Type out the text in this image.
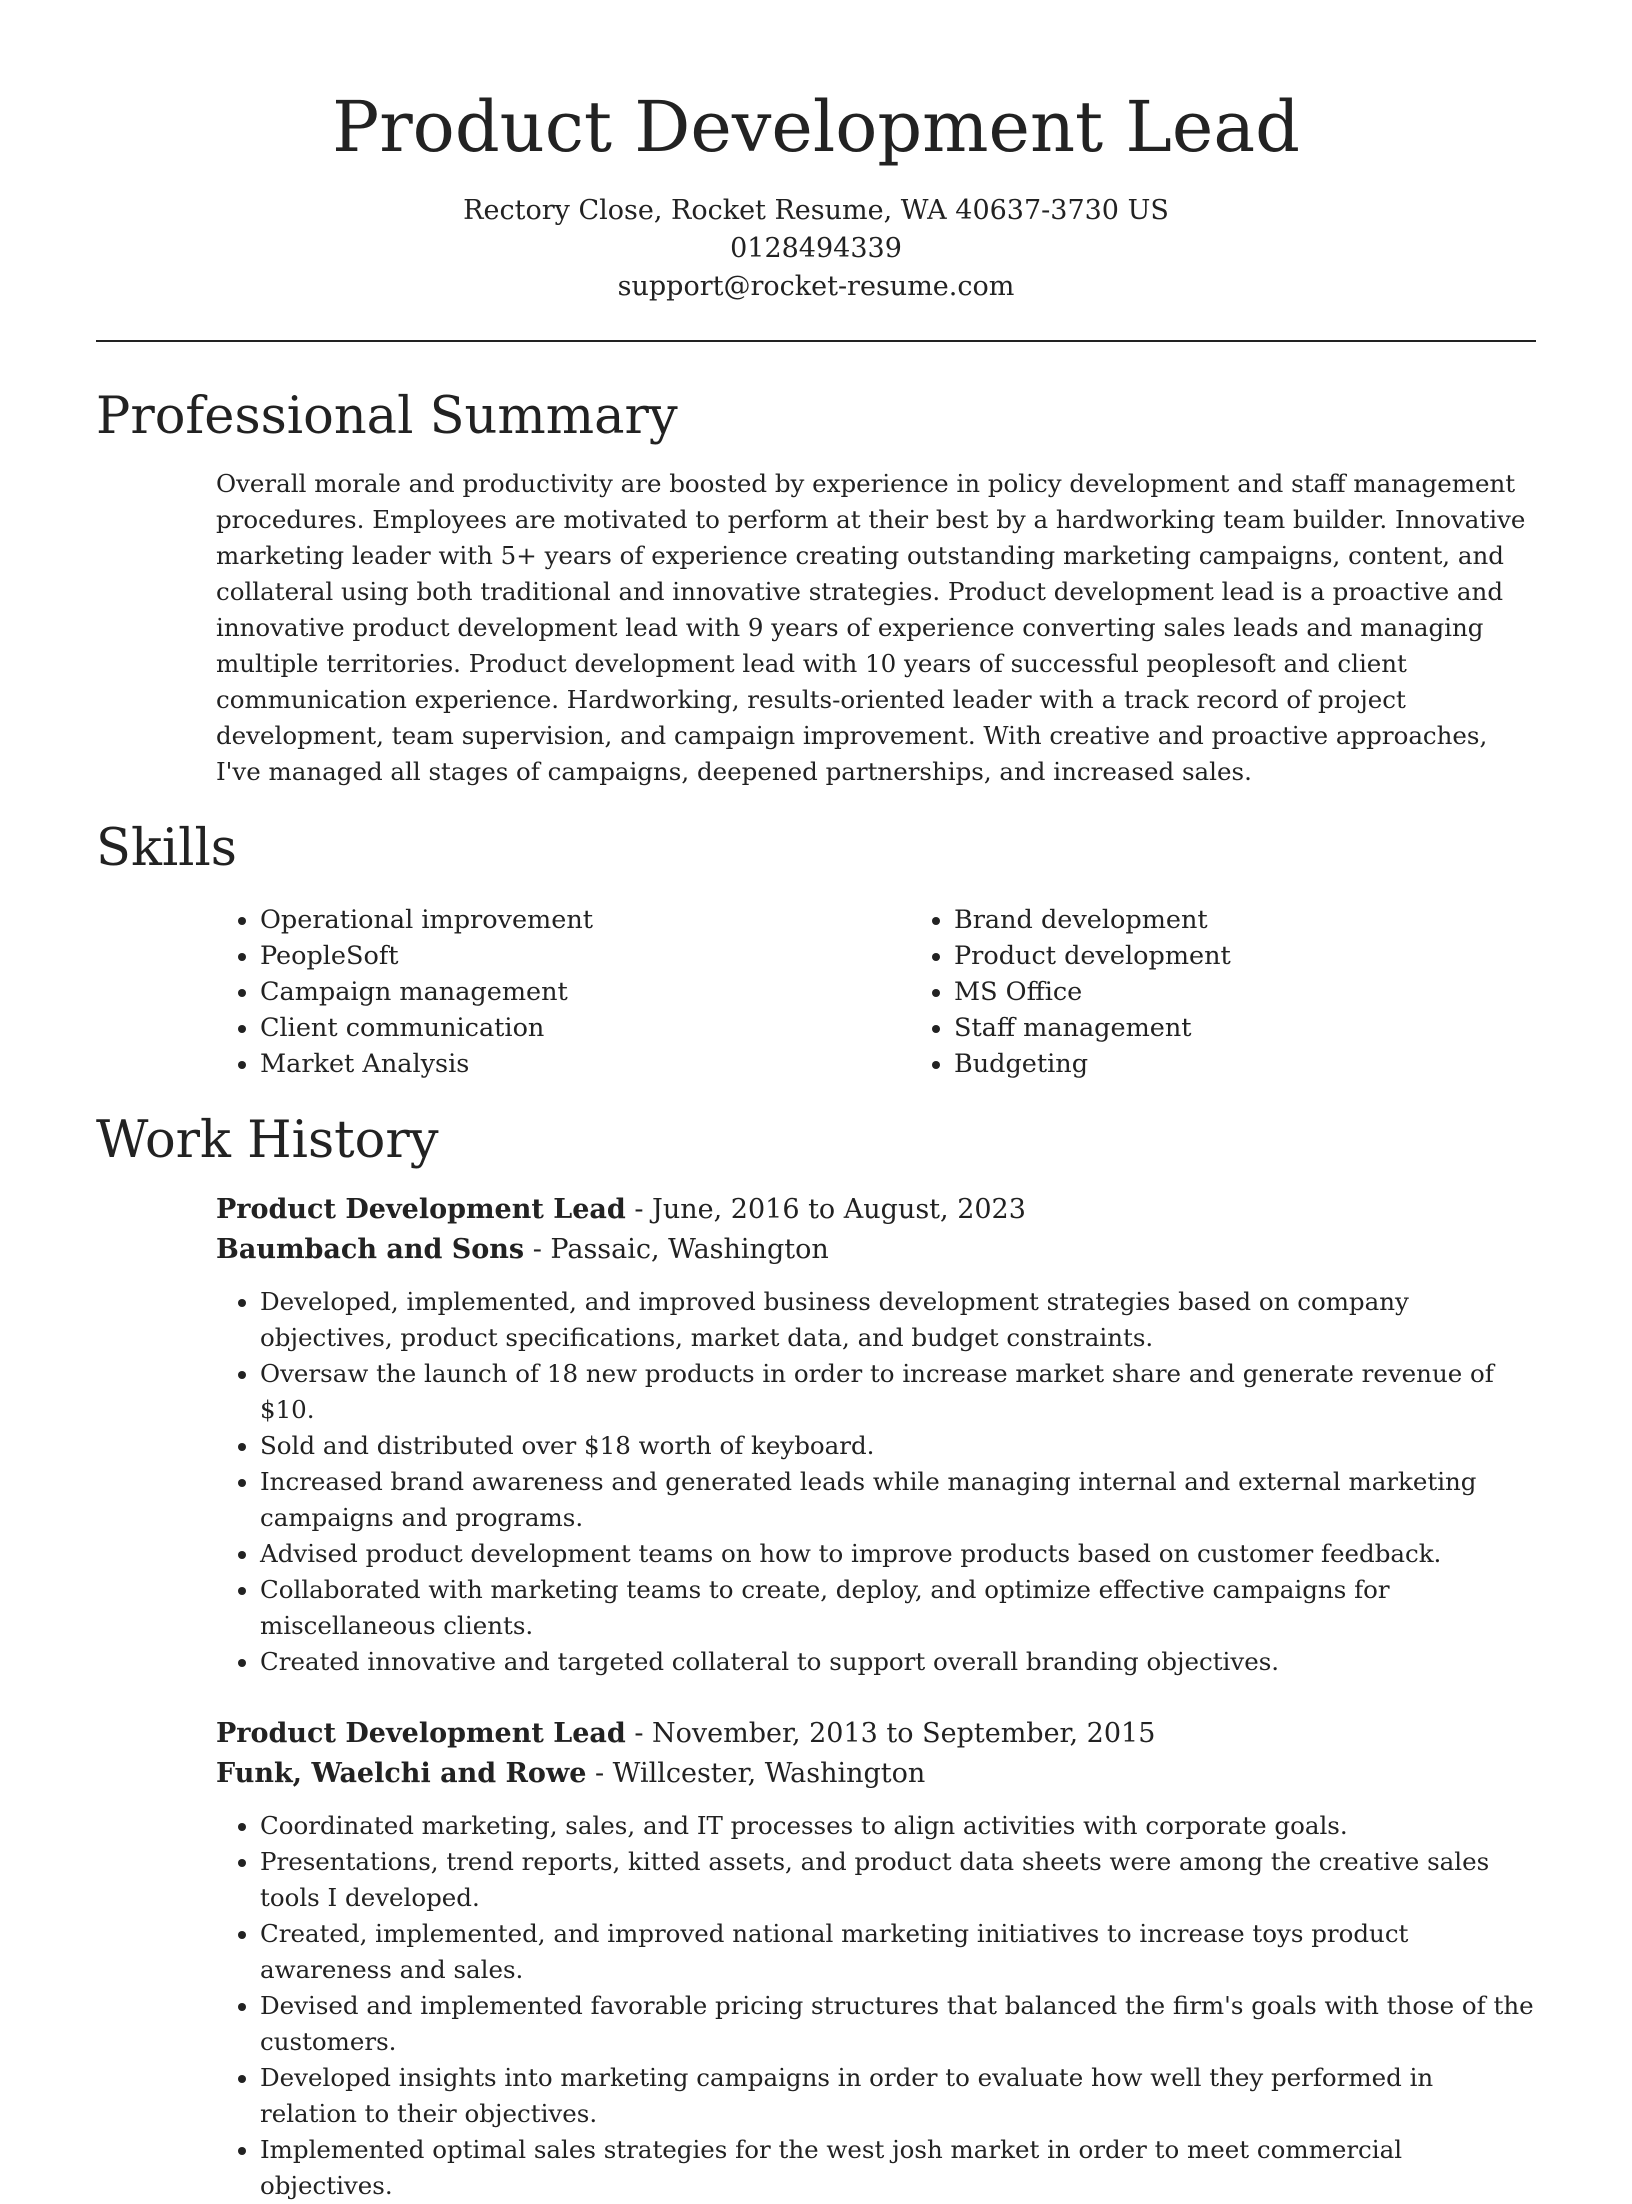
Product Development Lead
Rectory Close, Rocket Resume, WA 40637-3730 US
0128494339
support@rocket-resume.com
Professional Summary
Overall morale and productivity are boosted by experience in policy development and staff management procedures. Employees are motivated to perform at their best by a hardworking team builder. Innovative marketing leader with 5+ years of experience creating outstanding marketing campaigns, content, and collateral using both traditional and innovative strategies. Product development lead is a proactive and innovative product development lead with 9 years of experience converting sales leads and managing multiple territories. Product development lead with 10 years of successful peoplesoft and client communication experience. Hardworking, results-oriented leader with a track record of project development, team supervision, and campaign improvement. With creative and proactive approaches, I've managed all stages of campaigns, deepened partnerships, and increased sales.
Skills
• Operational improvement
• PeopleSoft
• Campaign management
• Client communication
• Market Analysis
• Brand development
• Product development
• MS Office
• Staff management
• Budgeting
Work History
Product Development Lead - June, 2016 to August, 2023
Baumbach and Sons - Passaic, Washington
• Developed, implemented, and improved business development strategies based on company objectives, product specifications, market data, and budget constraints.
• Oversaw the launch of 18 new products in order to increase market share and generate revenue of $10.
• Sold and distributed over $18 worth of keyboard.
• Increased brand awareness and generated leads while managing internal and external marketing campaigns and programs.
• Advised product development teams on how to improve products based on customer feedback.
• Collaborated with marketing teams to create, deploy, and optimize effective campaigns for miscellaneous clients.
• Created innovative and targeted collateral to support overall branding objectives.
Product Development Lead - November, 2013 to September, 2015
Funk, Waelchi and Rowe - Willcester, Washington
• Coordinated marketing, sales, and IT processes to align activities with corporate goals.
• Presentations, trend reports, kitted assets, and product data sheets were among the creative sales tools I developed.
• Created, implemented, and improved national marketing initiatives to increase toys product awareness and sales.
• Devised and implemented favorable pricing structures that balanced the firm's goals with those of the customers.
• Developed insights into marketing campaigns in order to evaluate how well they performed in relation to their objectives.
• Implemented optimal sales strategies for the west josh market in order to meet commercial objectives.
